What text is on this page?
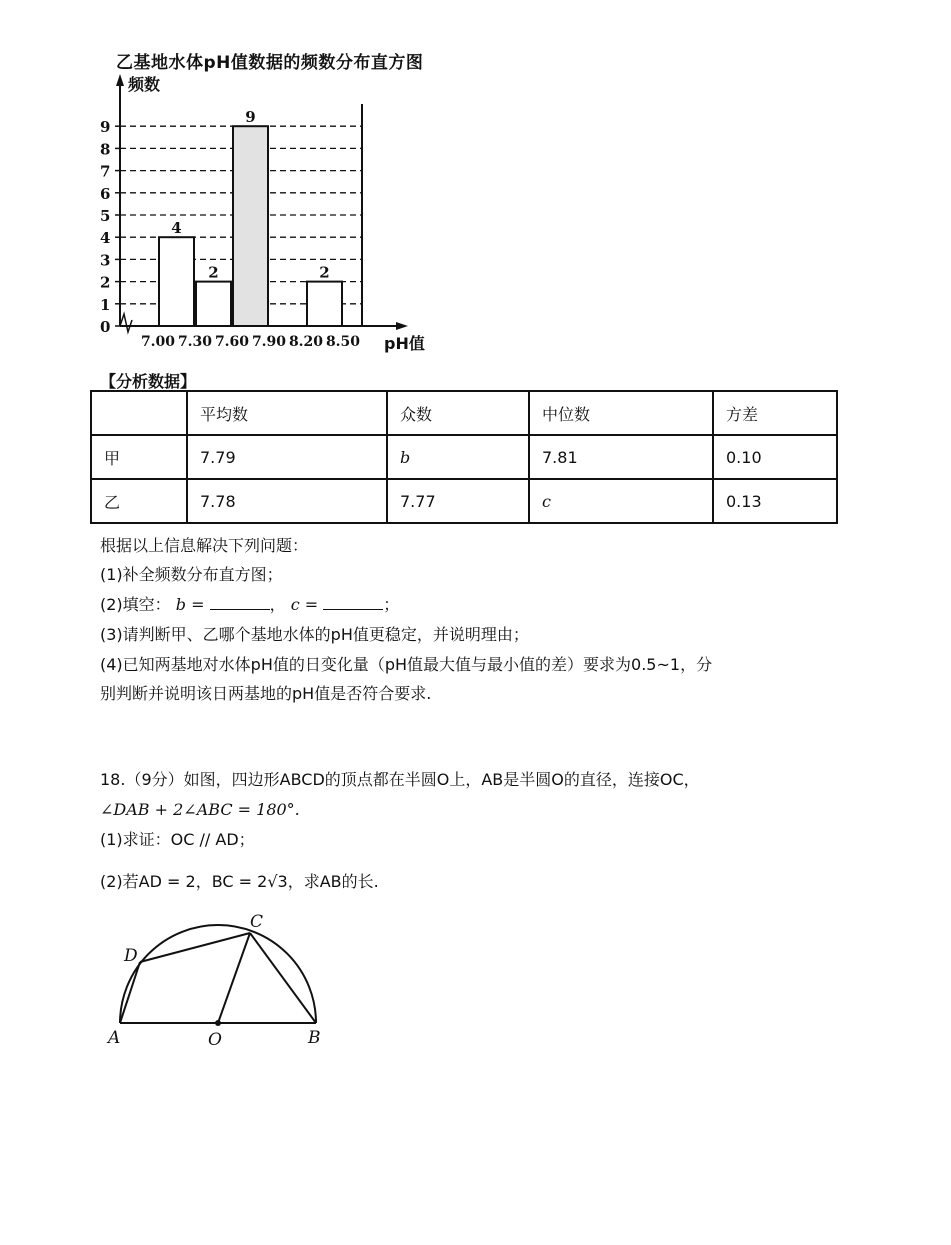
乙基地水体pH值数据的频数分布直方图
0
1
2
3
4
5
6
7
8
9
4
2
9
2
7.00 7.30 7.60 7.90 8.20 8.50
频数
pH值
【分析数据】
	平均数	众数	中位数	方差
甲	7.79	b	7.81	0.10
乙	7.78	7.77	c	0.13
根据以上信息解决下列问题：
(1)补全频数分布直方图；
(2)填空： b =	， c =	；
(3)请判断甲、乙哪个基地水体的pH值更稳定，并说明理由；
(4)已知两基地对水体pH值的日变化量（pH值最大值与最小值的差）要求为0.5~1，分
别判断并说明该日两基地的pH值是否符合要求.
18.（9分）如图，四边形ABCD的顶点都在半圆O上，AB是半圆O的直径，连接OC，
∠DAB + 2∠ABC = 180°.
(1)求证：OC // AD；
(2)若AD = 2，BC = 2√3，求AB的长.
A	B
C
D
O
